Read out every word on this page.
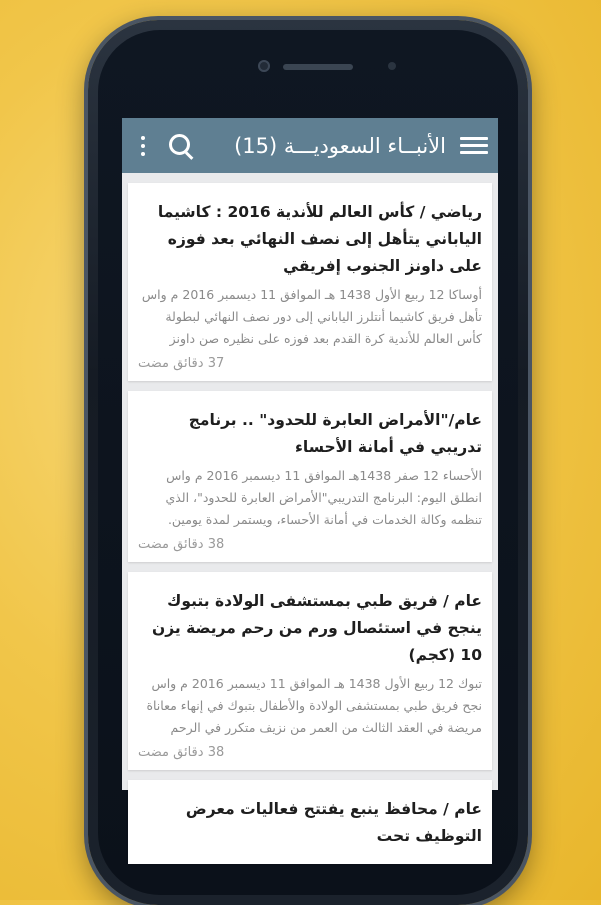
الأنبــاء السعوديـــة (15)

رياضي / كأس العالم للأندية 2016 : كاشيما الياباني يتأهل إلى نصف النهائي بعد فوزه على داونز الجنوب إفريقي

أوساكا 12 ربيع الأول 1438 هـ الموافق 11 ديسمبر 2016 م واس تأهل فريق كاشيما أنتلرز الياباني إلى دور نصف النهائي لبطولة كأس العالم للأندية كرة القدم بعد فوزه على نظيره صن داونز

37 دقائق مضت

عام/"الأمراض العابرة للحدود" .. برنامج تدريبي في أمانة الأحساء

الأحساء 12 صفر 1438هـ الموافق 11 ديسمبر 2016 م واس انطلق اليوم: البرنامج التدريبي"الأمراض العابرة للحدود"، الذي تنظمه وكالة الخدمات في أمانة الأحساء، ويستمر لمدة يومين.

38 دقائق مضت

عام / فريق طبي بمستشفى الولادة بتبوك ينجح في استئصال ورم من رحم مريضة يزن 10 (كجم)

تبوك 12 ربيع الأول 1438 هـ الموافق 11 ديسمبر 2016 م واس نجح فريق طبي بمستشفى الولادة والأطفال بتبوك في إنهاء معاناة مريضة في العقد الثالث من العمر من نزيف متكرر في الرحم

38 دقائق مضت

عام / محافظ ينبع يفتتح فعاليات معرض التوظيف تحت
